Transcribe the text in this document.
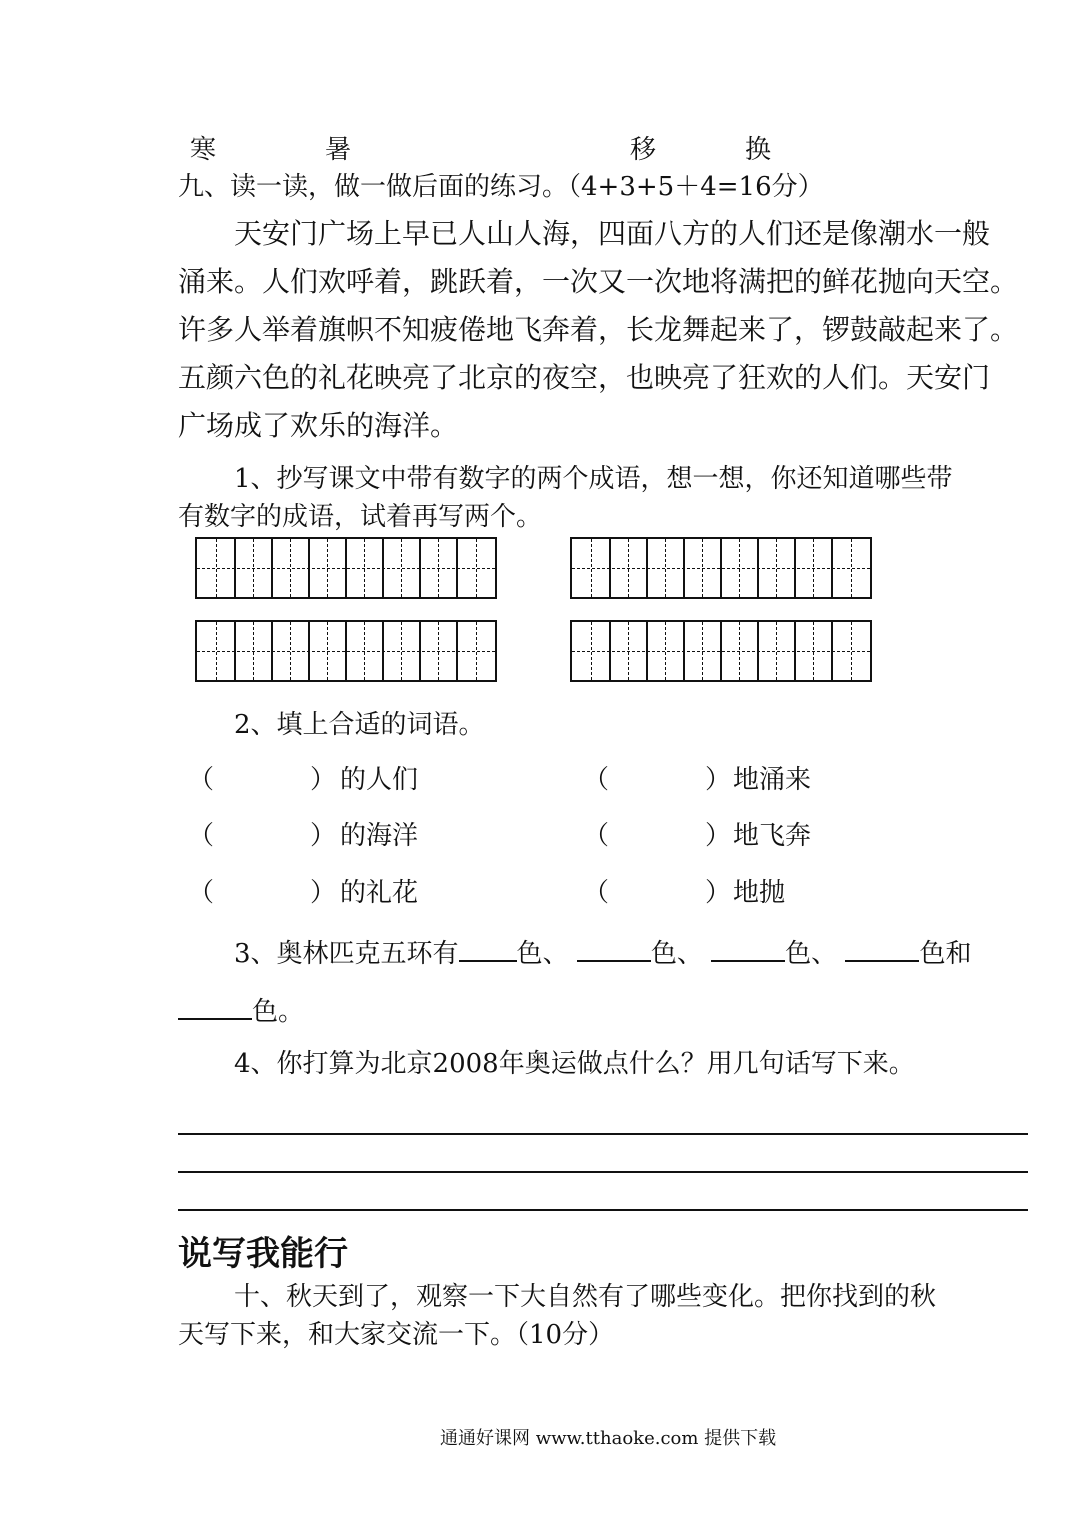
寒	暑	移	换
九、读一读，做一做后面的练习。（4+3+5＋4=16分）
天安门广场上早已人山人海，四面八方的人们还是像潮水一般
涌来。人们欢呼着，跳跃着，一次又一次地将满把的鲜花抛向天空。
许多人举着旗帜不知疲倦地飞奔着，长龙舞起来了，锣鼓敲起来了。
五颜六色的礼花映亮了北京的夜空，也映亮了狂欢的人们。天安门
广场成了欢乐的海洋。
1、抄写课文中带有数字的两个成语，想一想，你还知道哪些带
有数字的成语，试着再写两个。
2、填上合适的词语。
（	） 的人们	（	） 地涌来
（	） 的海洋	（	） 地飞奔
（	） 的礼花	（	） 地抛
3、奥林匹克五环有 色、	色、	色、	色和
色。
4、你打算为北京2008年奥运做点什么？用几句话写下来。
说写我能行
十、秋天到了，观察一下大自然有了哪些变化。把你找到的秋
天写下来，和大家交流一下。（10分）
通通好课网 www.tthaoke.com 提供下载
